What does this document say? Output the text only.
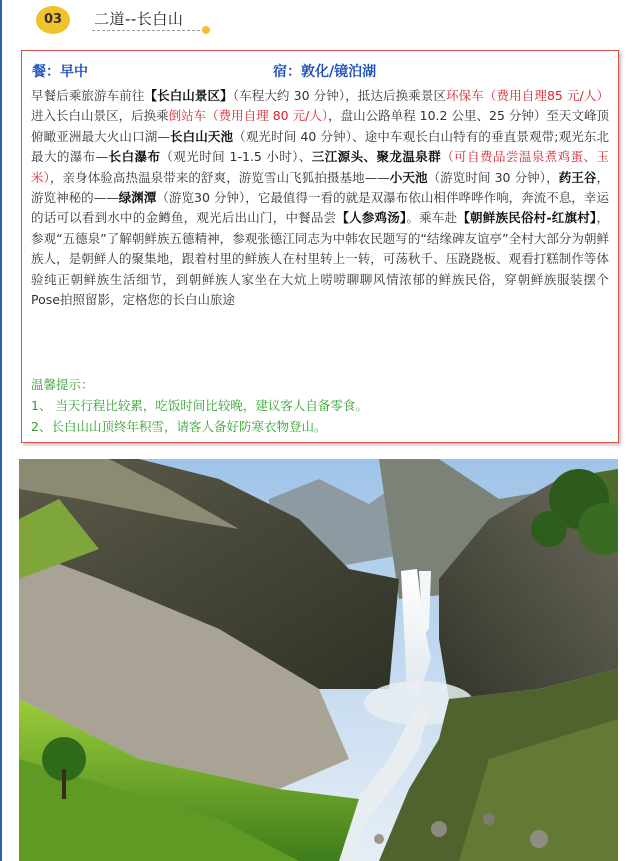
03	二道--长白山
餐：早中	宿：敦化/镜泊湖
早餐后乘旅游车前往【长白山景区】（车程大约 30 分钟），抵达后换乘景区环保车（费用自理85 元/人）进入长白山景区，后换乘倒站车（费用自理 80 元/人），盘山公路单程 10.2 公里、25 分钟）至天文峰顶俯瞰亚洲最大火山口湖—长白山天池（观光时间 40 分钟）、途中车观长白山特有的垂直景观带;观光东北最大的瀑布—长白瀑布（观光时间 1-1.5 小时）、三江源头、聚龙温泉群（可自费品尝温泉煮鸡蛋、玉米），亲身体验高热温泉带来的舒爽，游览雪山飞狐拍摄基地——小天池（游览时间 30 分钟），药王谷，游览神秘的——绿渊潭（游览30 分钟），它最值得一看的就是双瀑布依山相伴哗哗作响，奔流不息，幸运的话可以看到水中的金鳟鱼，观光后出山门，中餐品尝【人参鸡汤】。乘车赴【朝鲜族民俗村-红旗村】，参观“五德泉”了解朝鲜族五德精神，参观张德江同志为中韩农民题写的“结缘碑友谊亭”全村大部分为朝鲜族人，是朝鲜人的聚集地，跟着村里的鲜族人在村里转上一转，可荡秋千、压跷跷板、观看打糕制作等体验纯正朝鲜族生活细节，到朝鲜族人家坐在大炕上唠唠聊聊风情浓郁的鲜族民俗，穿朝鲜族服装摆个Pose拍照留影，定格您的长白山旅途
温馨提示：
1、 当天行程比较累，吃饭时间比较晚，建议客人自备零食。
2、长白山山顶终年积雪，请客人备好防寒衣物登山。
